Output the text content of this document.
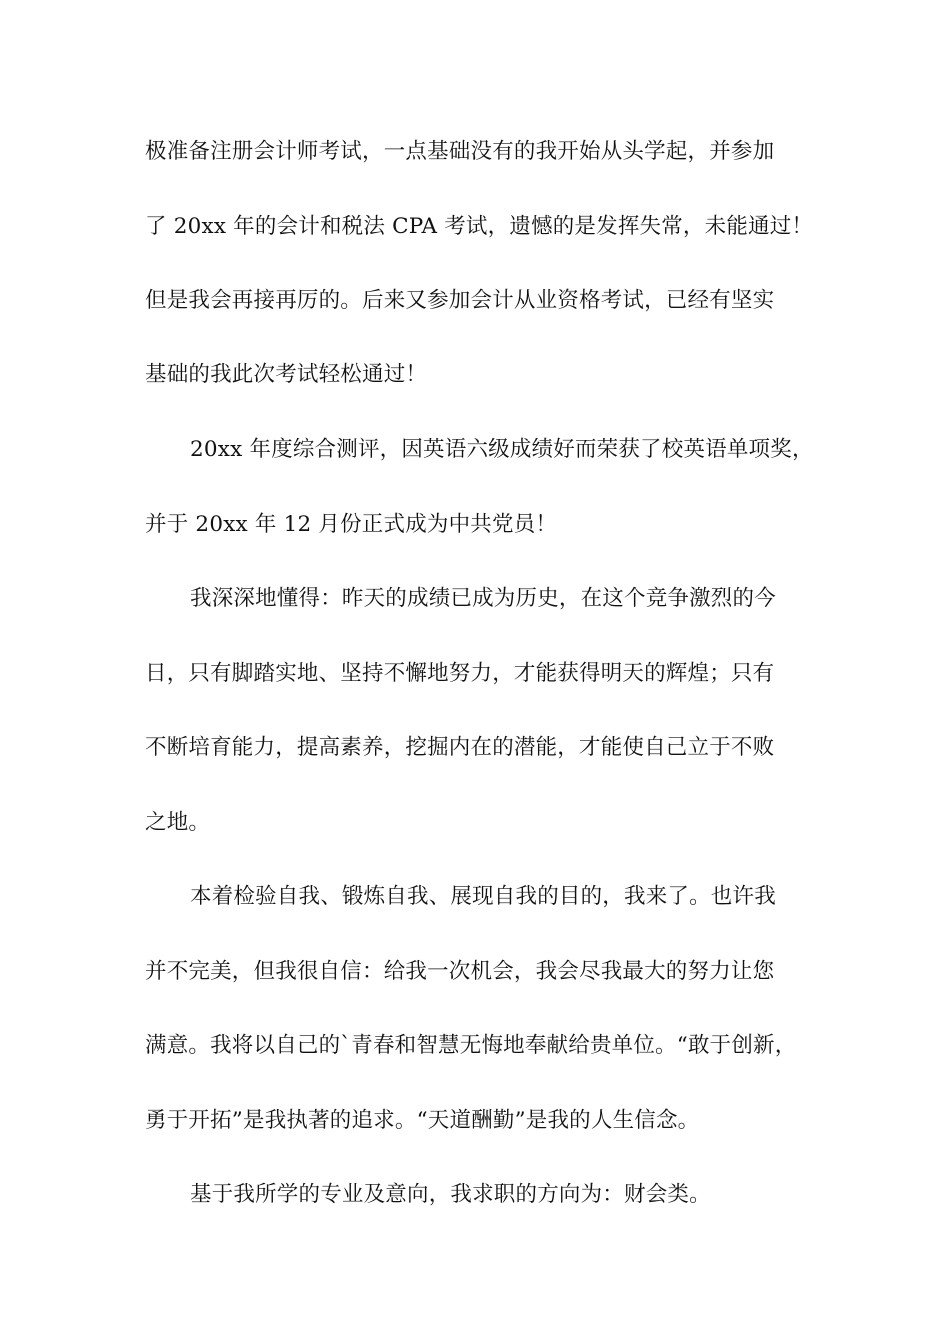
极准备注册会计师考试，一点基础没有的我开始从头学起，并参加
了 20xx 年的会计和税法 CPA 考试，遗憾的是发挥失常，未能通过！
但是我会再接再厉的。后来又参加会计从业资格考试，已经有坚实
基础的我此次考试轻松通过！
20xx 年度综合测评，因英语六级成绩好而荣获了校英语单项奖，
并于 20xx 年 12 月份正式成为中共党员！
我深深地懂得：昨天的成绩已成为历史，在这个竞争激烈的今
日，只有脚踏实地、坚持不懈地努力，才能获得明天的辉煌；只有
不断培育能力，提高素养，挖掘内在的潜能，才能使自己立于不败
之地。
本着检验自我、锻炼自我、展现自我的目的，我来了。也许我
并不完美，但我很自信：给我一次机会，我会尽我最大的努力让您
满意。我将以自己的`青春和智慧无悔地奉献给贵单位。“敢于创新，
勇于开拓”是我执著的追求。“天道酬勤”是我的人生信念。
基于我所学的专业及意向，我求职的方向为：财会类。
